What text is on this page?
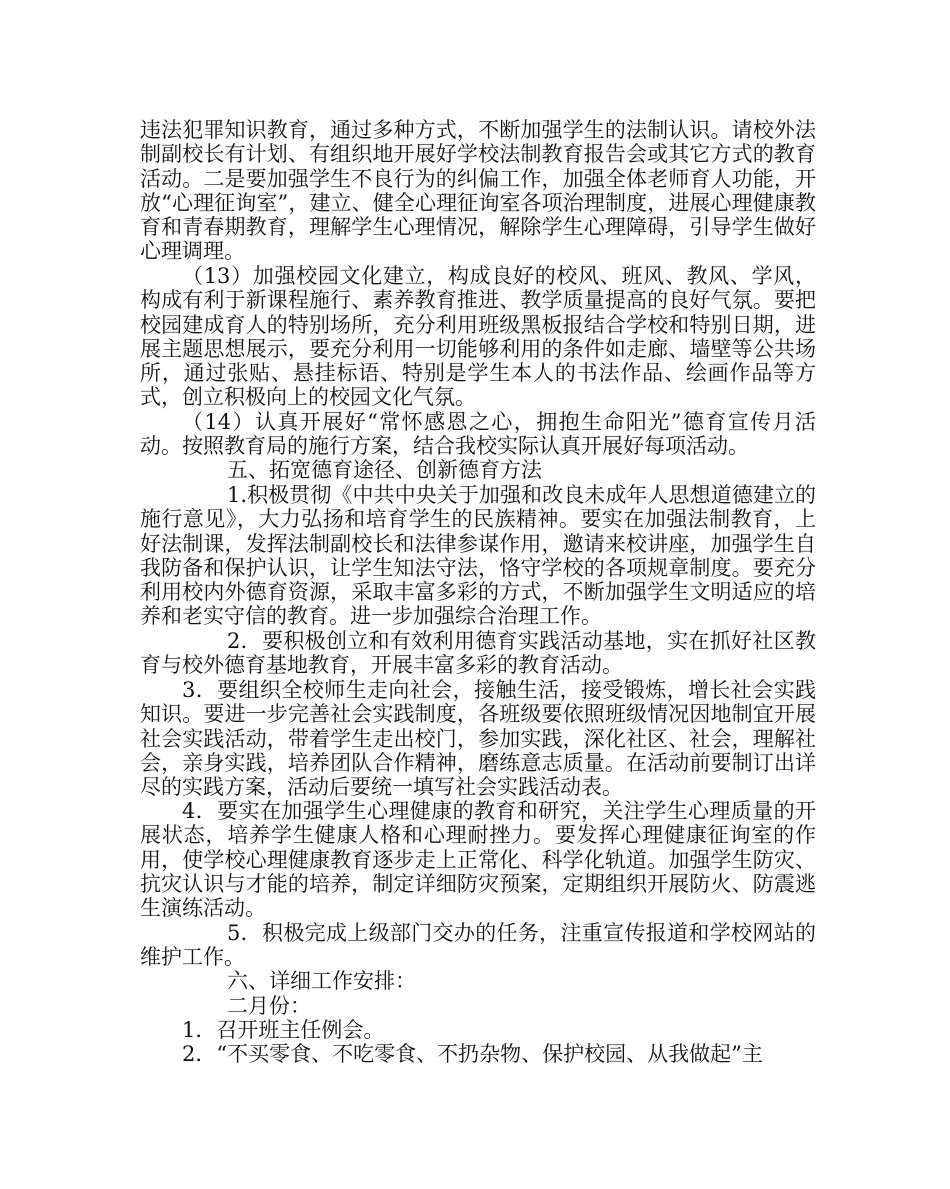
违法犯罪知识教育，通过多种方式，不断加强学生的法制认识。请校外法制副校长有计划、有组织地开展好学校法制教育报告会或其它方式的教育活动。二是要加强学生不良行为的纠偏工作，加强全体老师育人功能，开放“心理征询室”，建立、健全心理征询室各项治理制度，进展心理健康教育和青春期教育，理解学生心理情况，解除学生心理障碍，引导学生做好心理调理。

（13）加强校园文化建立，构成良好的校风、班风、教风、学风，构成有利于新课程施行、素养教育推进、教学质量提高的良好气氛。要把校园建成育人的特别场所，充分利用班级黑板报结合学校和特别日期，进展主题思想展示，要充分利用一切能够利用的条件如走廊、墙壁等公共场所，通过张贴、悬挂标语、特别是学生本人的书法作品、绘画作品等方式，创立积极向上的校园文化气氛。

（14）认真开展好“常怀感恩之心，拥抱生命阳光”德育宣传月活动。按照教育局的施行方案，结合我校实际认真开展好每项活动。

五、拓宽德育途径、创新德育方法

1.积极贯彻《中共中央关于加强和改良未成年人思想道德建立的施行意见》，大力弘扬和培育学生的民族精神。要实在加强法制教育，上好法制课，发挥法制副校长和法律参谋作用，邀请来校讲座，加强学生自我防备和保护认识，让学生知法守法，恪守学校的各项规章制度。要充分利用校内外德育资源，采取丰富多彩的方式，不断加强学生文明适应的培养和老实守信的教育。进一步加强综合治理工作。

2．要积极创立和有效利用德育实践活动基地，实在抓好社区教育与校外德育基地教育，开展丰富多彩的教育活动。

3．要组织全校师生走向社会，接触生活，接受锻炼，增长社会实践知识。要进一步完善社会实践制度，各班级要依照班级情况因地制宜开展社会实践活动，带着学生走出校门，参加实践，深化社区、社会，理解社会，亲身实践，培养团队合作精神，磨练意志质量。在活动前要制订出详尽的实践方案，活动后要统一填写社会实践活动表。

4．要实在加强学生心理健康的教育和研究，关注学生心理质量的开展状态，培养学生健康人格和心理耐挫力。要发挥心理健康征询室的作用，使学校心理健康教育逐步走上正常化、科学化轨道。加强学生防灾、抗灾认识与才能的培养，制定详细防灾预案，定期组织开展防火、防震逃生演练活动。

5．积极完成上级部门交办的任务，注重宣传报道和学校网站的维护工作。

六、详细工作安排：

二月份：

1．召开班主任例会。

2．“不买零食、不吃零食、不扔杂物、保护校园、从我做起”主
